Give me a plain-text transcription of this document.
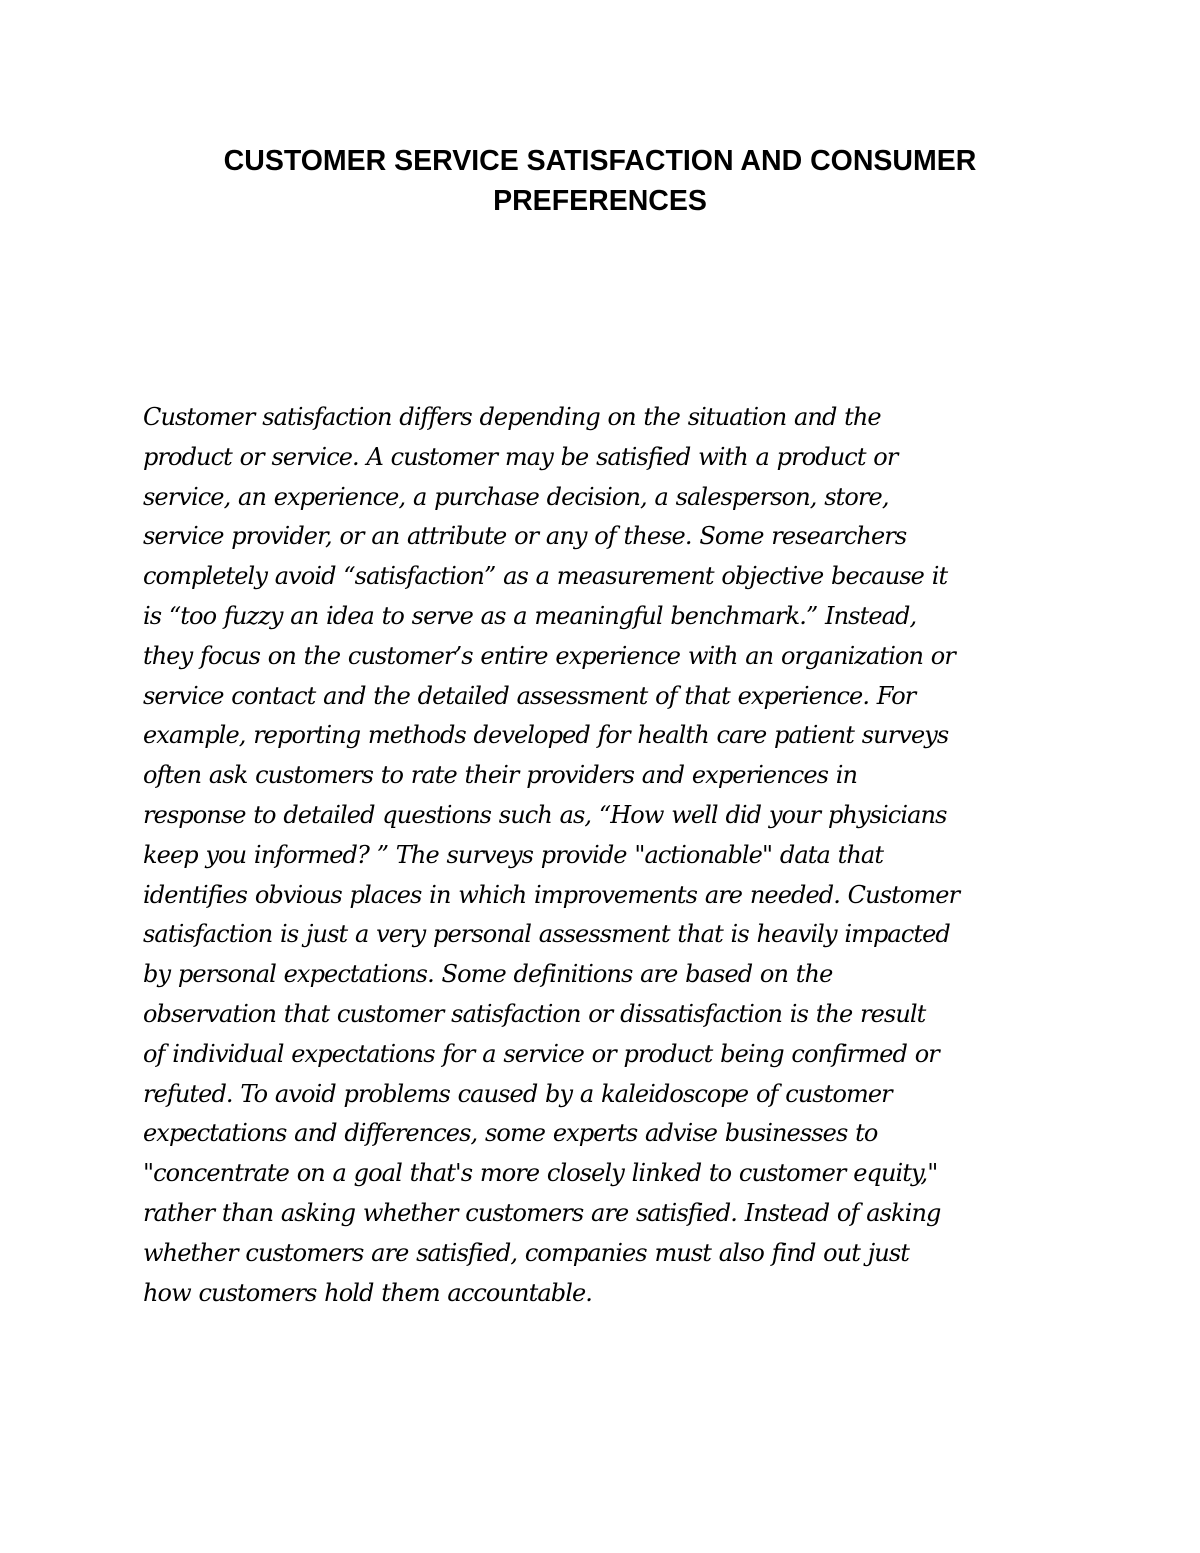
CUSTOMER SERVICE SATISFACTION AND CONSUMER
PREFERENCES

Customer satisfaction differs depending on the situation and the
product or service. A customer may be satisfied with a product or
service, an experience, a purchase decision, a salesperson, store,
service provider, or an attribute or any of these. Some researchers
completely avoid “satisfaction” as a measurement objective because it
is “too fuzzy an idea to serve as a meaningful benchmark.” Instead,
they focus on the customer’s entire experience with an organization or
service contact and the detailed assessment of that experience. For
example, reporting methods developed for health care patient surveys
often ask customers to rate their providers and experiences in
response to detailed questions such as, “How well did your physicians
keep you informed? ” The surveys provide "actionable" data that
identifies obvious places in which improvements are needed. Customer
satisfaction is just a very personal assessment that is heavily impacted
by personal expectations. Some definitions are based on the
observation that customer satisfaction or dissatisfaction is the result
of individual expectations for a service or product being confirmed or
refuted. To avoid problems caused by a kaleidoscope of customer
expectations and differences, some experts advise businesses to
"concentrate on a goal that's more closely linked to customer equity,"
rather than asking whether customers are satisfied. Instead of asking
whether customers are satisfied, companies must also find out just
how customers hold them accountable.
